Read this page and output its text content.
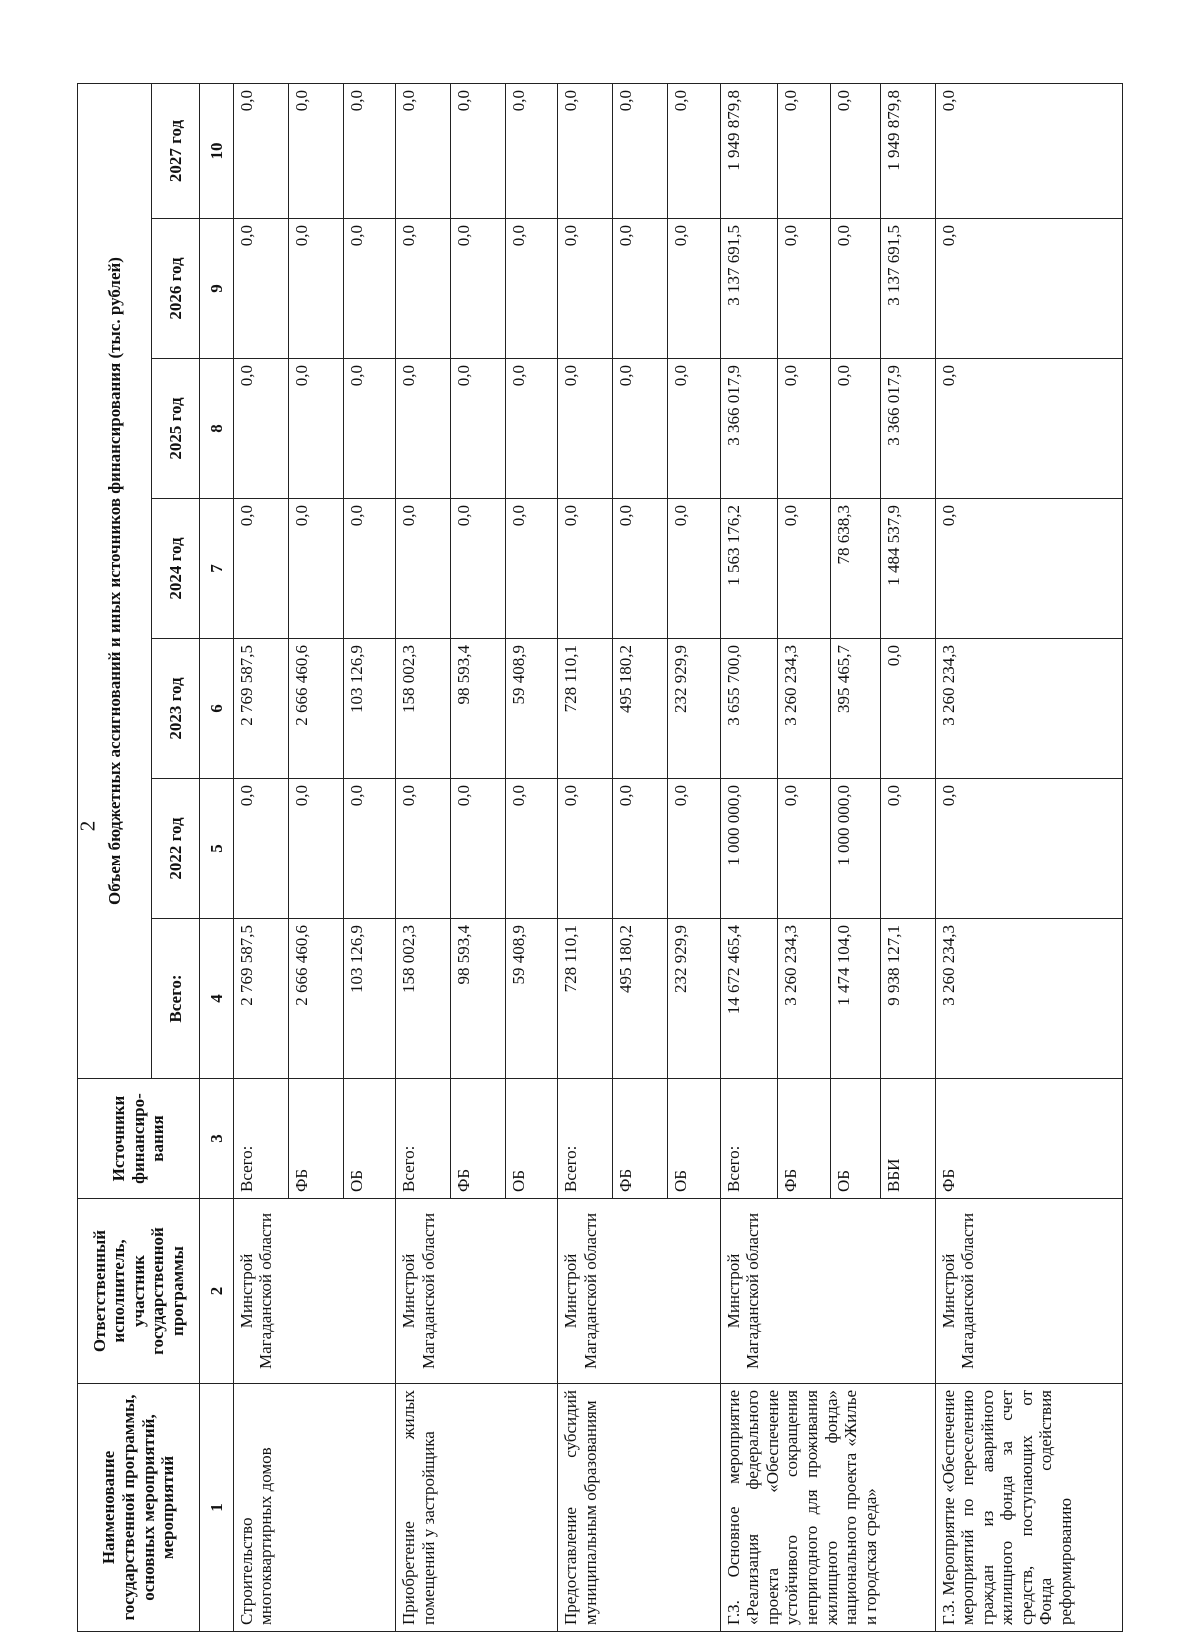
2
Наименование государственной программы, основных мероприятий, мероприятий	Ответственный исполнитель, участник государственной программы	Источники финансиро-вания	Объем бюджетных ассигнований и иных источников финансирования (тыс. рублей)						
			Всего:	2022 год	2023 год	2024 год	2025 год	2026 год	2027 год
1	2	3	4	5	6	7	8	9	10
Строительство многоквартирных домов	Минстрой Магаданской области	Всего:	2 769 587,5	0,0	2 769 587,5	0,0	0,0	0,0	0,0
		ФБ	2 666 460,6	0,0	2 666 460,6	0,0	0,0	0,0	0,0
		ОБ	103 126,9	0,0	103 126,9	0,0	0,0	0,0	0,0
Приобретение жилых помещений у застройщика	Минстрой Магаданской области	Всего:	158 002,3	0,0	158 002,3	0,0	0,0	0,0	0,0
		ФБ	98 593,4	0,0	98 593,4	0,0	0,0	0,0	0,0
		ОБ	59 408,9	0,0	59 408,9	0,0	0,0	0,0	0,0
Предоставление субсидий муниципальным образованиям	Минстрой Магаданской области	Всего:	728 110,1	0,0	728 110,1	0,0	0,0	0,0	0,0
		ФБ	495 180,2	0,0	495 180,2	0,0	0,0	0,0	0,0
		ОБ	232 929,9	0,0	232 929,9	0,0	0,0	0,0	0,0
Г.З. Основное мероприятие «Реализация федерального проекта «Обеспечение устойчивого сокращения непригодного для проживания жилищного фонда» национального проекта «Жилье и городская среда»	Минстрой Магаданской области	Всего:	14 672 465,4	1 000 000,0	3 655 700,0	1 563 176,2	3 366 017,9	3 137 691,5	1 949 879,8
		ФБ	3 260 234,3	0,0	3 260 234,3	0,0	0,0	0,0	0,0
		ОБ	1 474 104,0	1 000 000,0	395 465,7	78 638,3	0,0	0,0	0,0
		ВБИ	9 938 127,1	0,0	0,0	1 484 537,9	3 366 017,9	3 137 691,5	1 949 879,8
Г.З. Мероприятие «Обеспечение мероприятий по переселению граждан из аварийного жилищного фонда за счет средств, поступающих от Фонда содействия реформированию	Минстрой Магаданской области	ФБ	3 260 234,3	0,0	3 260 234,3	0,0	0,0	0,0	0,0
